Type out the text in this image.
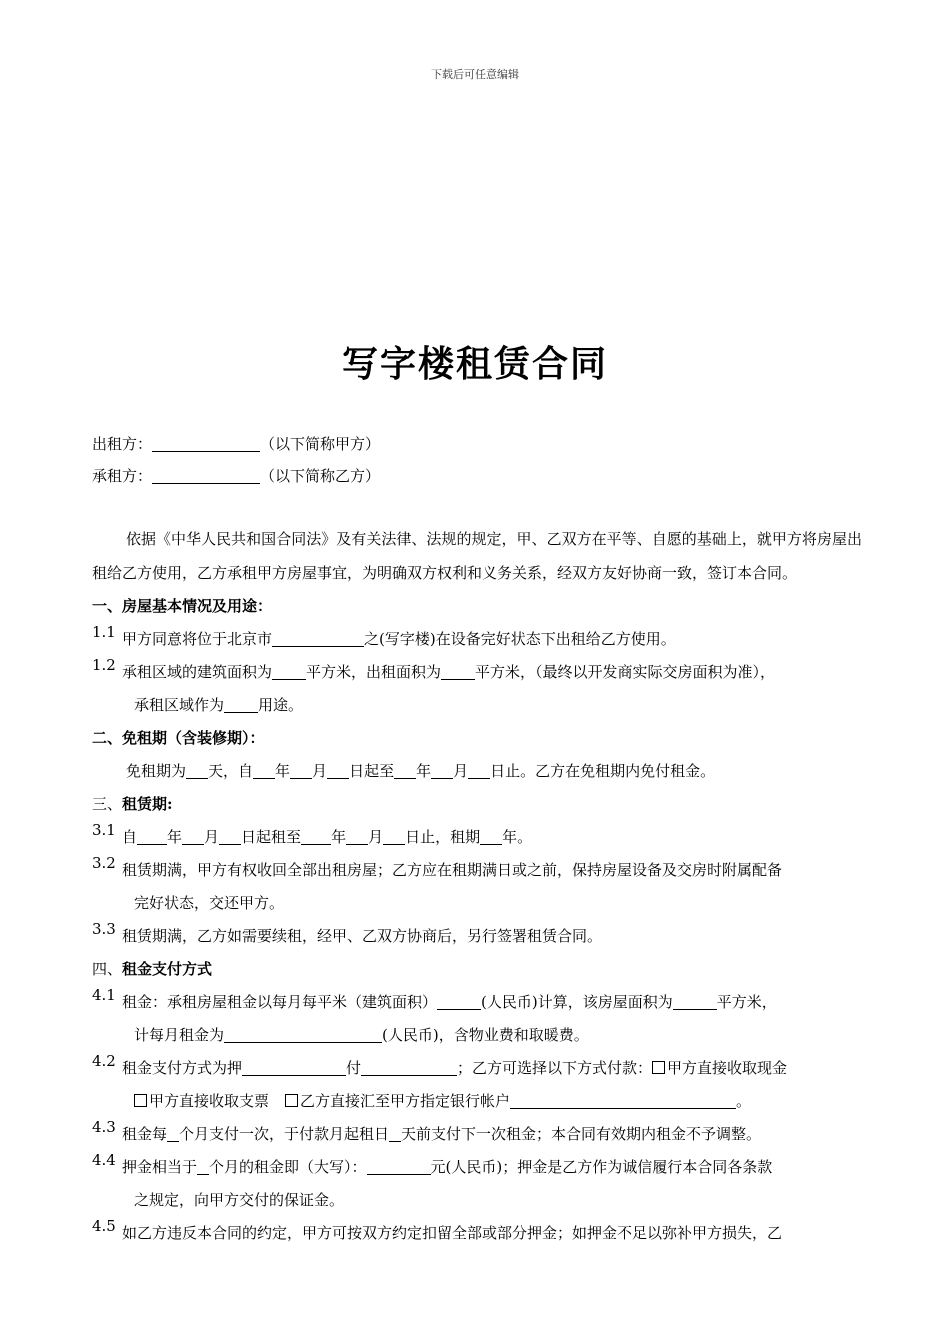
下载后可任意编辑
写字楼租赁合同
出租方：	（以下简称甲方）
承租方：	（以下简称乙方）
依据《中华人民共和国合同法》及有关法律、法规的规定，甲、乙双方在平等、自愿的基础上，就甲方将房屋出租给乙方使用，乙方承租甲方房屋事宜，为明确双方权利和义务关系，经双方友好协商一致，签订本合同。
一、房屋基本情况及用途：
1.1 甲方同意将位于北京市	之(写字楼)在设备完好状态下出租给乙方使用。
1.2 承租区域的建筑面积为 平方米，出租面积为 平方米，（最终以开发商实际交房面积为准），
承租区域作为 用途。
二、免租期（含装修期）：
免租期为 天，自 年 月 日起至 年 月 日止。乙方在免租期内免付租金。
三、租赁期:
3.1 自 年 月 日起租至 年 月 日止，租期 年。
3.2 租赁期满，甲方有权收回全部出租房屋；乙方应在租期满日或之前，保持房屋设备及交房时附属配备
完好状态，交还甲方。
3.3 租赁期满，乙方如需要续租，经甲、乙双方协商后，另行签署租赁合同。
四、租金支付方式
4.1 租金：承租房屋租金以每月每平米（建筑面积）	(人民币)计算，该房屋面积为	平方米，
计每月租金为	(人民币)，含物业费和取暖费。
4.2 租金支付方式为押	付	；乙方可选择以下方式付款： 甲方直接收取现金
甲方直接收取支票 乙方直接汇至甲方指定银行帐户	。
4.3 租金每 个月支付一次，于付款月起租日 天前支付下一次租金；本合同有效期内租金不予调整。
4.4 押金相当于 个月的租金即（大写）：	元(人民币)；押金是乙方作为诚信履行本合同各条款
之规定，向甲方交付的保证金。
4.5 如乙方违反本合同的约定，甲方可按双方约定扣留全部或部分押金；如押金不足以弥补甲方损失，乙
